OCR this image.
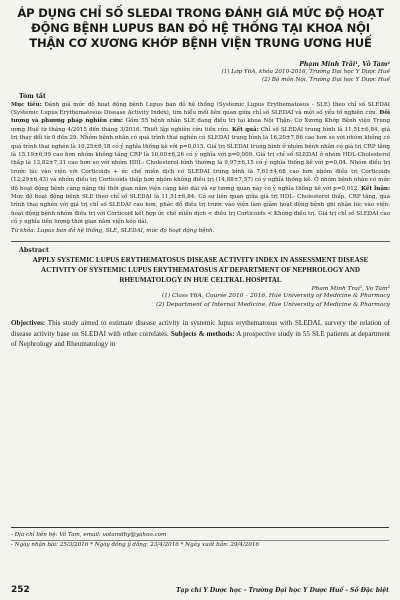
ÁP DỤNG CHỈ SỐ SLEDAI TRONG ĐÁNH GIÁ MỨC ĐỘ HOẠT ĐỘNG BỆNH LUPUS BAN ĐỎ HỆ THỐNG TẠI KHOA NỘI THẬN CƠ XƯƠNG KHỚP BỆNH VIỆN TRUNG ƯƠNG HUẾ
Phạm Minh Trãi¹, Võ Tam²
(1) Lớp Y6A, khóa 2010-2016, Trường Đại học Y Dược Huế
(2) Bộ môn Nội, Trường Đại học Y Dược Huế
Tóm tắt
Mục tiêu: Đánh giá mức độ hoạt động bệnh Lupus ban đỏ hệ thống (Systemic Lupus Erythematosus - SLE) theo chỉ số SLEDAI (Systemic Lupus Erythematosus Disease Activity Index), tìm hiểu mối liên quan giữa chỉ số SLEDAI và một số yếu tố nghiên cứu. Đối tượng và phương pháp nghiên cứu: Gồm 55 bệnh nhân SLE đang điều trị tại khoa Nội Thận- Cơ Xương Khớp Bệnh viện Trung ương Huế từ tháng 4/2015 đến tháng 3/2016. Thiết lập nghiên cứu tiến cứu. Kết quả: Chỉ số SLEDAI trung bình là 11,51±6,84, giá trị thay đổi từ 0 đến 29. Nhóm bệnh nhân có quá trình thai nghén có SLEDAI trung bình là 16,20±7,86 cao hơn so với nhóm không có quá trình thai nghén là 10,25±6,18 có ý nghĩa thống kê với p=0,015. Giá trị SLEDAI trung bình ở nhóm bệnh nhân có giá trị CRP tăng là 15,19±6,99 cao hơn nhóm không tăng CRP là 10,00±6,26 có ý nghĩa với p=0,009. Giá trị chỉ số SLEDAI ở nhóm HDL-Cholesterol thấp là 13,82±7,31 cao hơn so với nhóm HDL- Cholesterol bình thường là 9,97±6,15 có ý nghĩa thống kê với p=0,04. Nhóm điều trị trước lúc vào viện với Corticoids + ức chế miễn dịch có SLEDAI trung bình là 7,61±4,68 cao hơn nhóm điều trị Corticoids (12,29±6,43) và nhóm điều trị Corticoids thấp hơn nhóm không điều trị (14,88±7,57) có ý nghĩa thống kê. Ở nhóm bệnh nhân có mức độ hoạt động bệnh càng nặng thì thời gian nằm viện càng kéo dài và sự tương quan này có ý nghĩa thống kê với p=0,012. Kết luận: Mức độ hoạt động bệnh SLE theo chỉ số SLEDAI là 11,51±6,84. Có sự liên quan giữa giá trị HDL- Cholesterol thấp, CRP tăng, quá trình thai nghén với giá trị chỉ số SLEDAI cao hơn, phác đồ điều trị trước vào viện làm giảm hoạt động bệnh ghi nhận lúc vào viện: hoạt động bệnh nhóm điều trị với Corticoid kết hợp ức chế miễn dịch < điều trị Corticoids < Không điều trị. Giá trị chỉ số SLEDAI cao có ý nghĩa tiên lượng thời gian nằm viện kéo dài.
Từ khóa: Lupus ban đỏ hệ thống, SLE, SLEDAI, mức độ hoạt động bệnh.
Abstract
APPLY SYSTEMIC LUPUS ERYTHEMATOSUS DISEASE ACTIVITY INDEX IN ASSESSMENT DISEASE ACTIVITY OF SYSTEMIC LUPUS ERYTHEMATOSUS AT DEPARTMENT OF NEPHROLOGY AND RHEUMATOLOGY IN HUE CELTRAL HOSPITAL
Pham Minh Trai¹, Vo Tam²
(1) Class Y6A, Course 2010 – 2016, Hue University of Medicine & Pharmacy
(2) Department of Internal Medicine, Hue University of Medicine & Pharmacy
Objectives: This study aimed to estimate disease activity in systemic lupus erythematosus with SLEDAI, survery the relation of disease activity base on SLEDAI with other correlates. Subjects & methods: A prospective study in 55 SLE patients at department of Nephrology and Rheumatology in
- Địa chỉ liên hệ: Võ Tam, email: votamdhy@yahoo.com
- Ngày nhận bài: 25/3/2016 * Ngày đồng ý đăng: 23/4/2016 * Ngày xuất bản: 29/4/2016
252	Tạp chí Y Dược học - Trường Đại học Y Dược Huế - Số Đặc biệt
